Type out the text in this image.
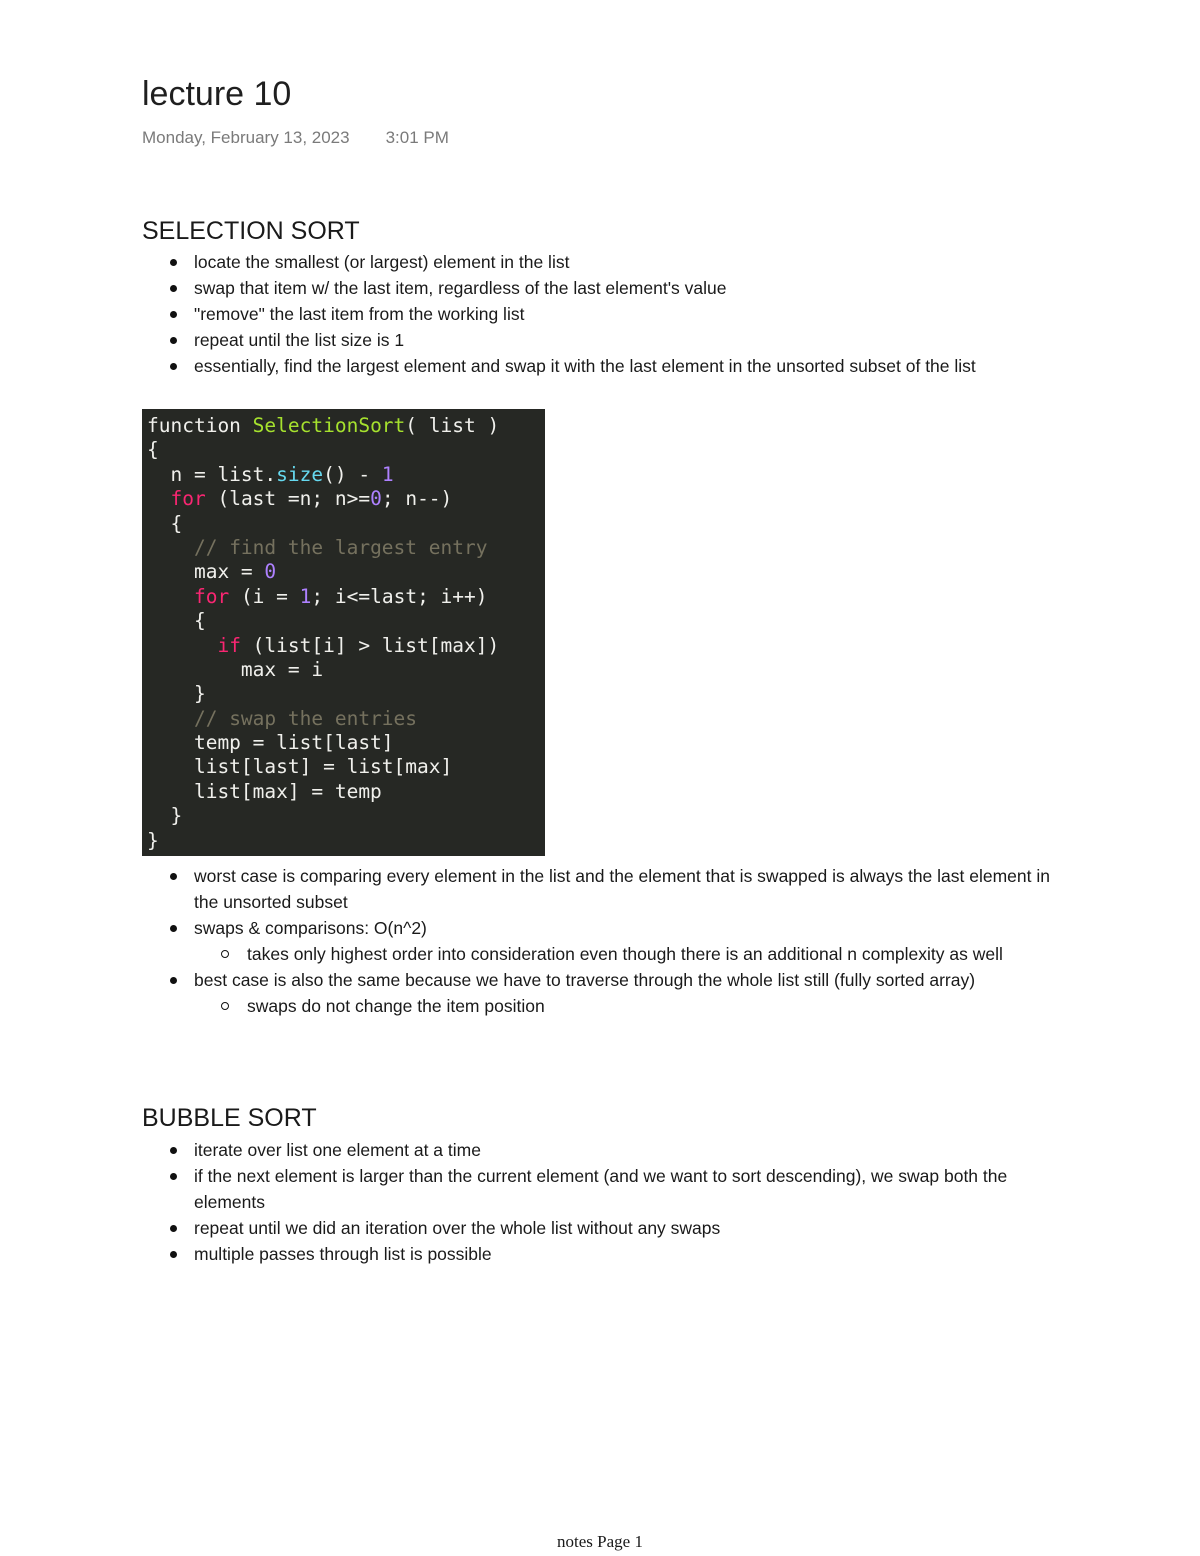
lecture 10
Monday, February 13, 2023 3:01 PM
SELECTION SORT
locate the smallest (or largest) element in the list
swap that item w/ the last item, regardless of the last element's value
"remove" the last item from the working list
repeat until the list size is 1
essentially, find the largest element and swap it with the last element in the unsorted subset of the list
function SelectionSort( list )
{
n = list.size() - 1
for (last =n; n>=0; n--)
{
// find the largest entry
max = 0
for (i = 1; i<=last; i++)
{
if (list[i] > list[max])
max = i
}
// swap the entries
temp = list[last]
list[last] = list[max]
list[max] = temp
}
}
worst case is comparing every element in the list and the element that is swapped is always the last element in the unsorted subset
swaps & comparisons: O(n^2)
takes only highest order into consideration even though there is an additional n complexity as well
best case is also the same because we have to traverse through the whole list still (fully sorted array)
swaps do not change the item position
BUBBLE SORT
iterate over list one element at a time
if the next element is larger than the current element (and we want to sort descending), we swap both the elements
repeat until we did an iteration over the whole list without any swaps
multiple passes through list is possible
notes Page 1
